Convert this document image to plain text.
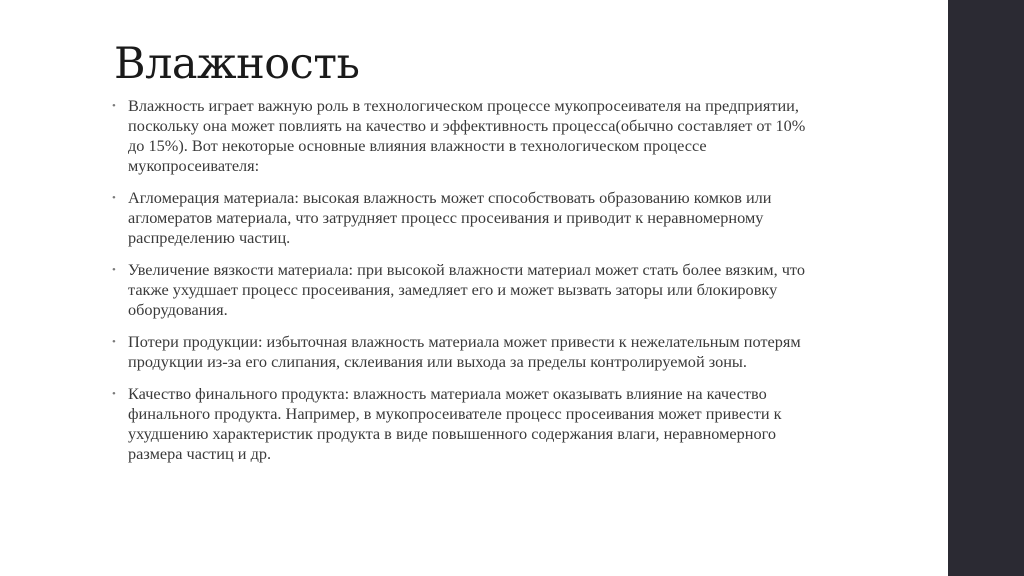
Влажность
• Влажность играет важную роль в технологическом процессе мукопросеивателя на предприятии, поскольку она может повлиять на качество и эффективность процесса(обычно составляет от 10% до 15%). Вот некоторые основные влияния влажности в технологическом процессе мукопросеивателя:
• Агломерация материала: высокая влажность может способствовать образованию комков или агломератов материала, что затрудняет процесс просеивания и приводит к неравномерному распределению частиц.
• Увеличение вязкости материала: при высокой влажности материал может стать более вязким, что также ухудшает процесс просеивания, замедляет его и может вызвать заторы или блокировку оборудования.
• Потери продукции: избыточная влажность материала может привести к нежелательным потерям продукции из-за его слипания, склеивания или выхода за пределы контролируемой зоны.
• Качество финального продукта: влажность материала может оказывать влияние на качество финального продукта. Например, в мукопросеивателе процесс просеивания может привести к ухудшению характеристик продукта в виде повышенного содержания влаги, неравномерного размера частиц и др.
